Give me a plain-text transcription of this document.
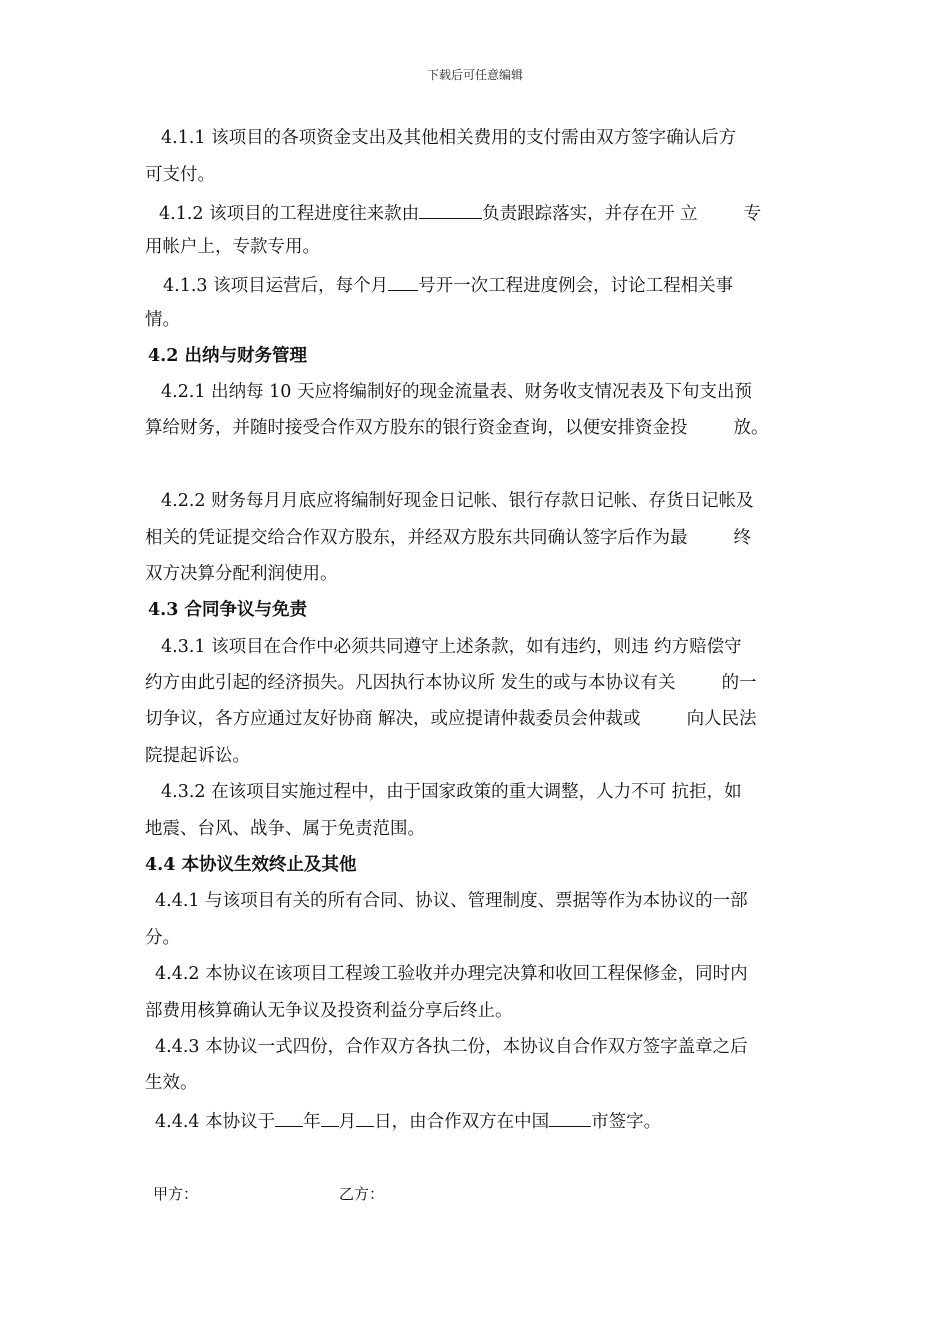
下载后可任意编辑
4.1.1 该项目的各项资金支出及其他相关费用的支付需由双方签字确认后方
可支付。
4.1.2 该项目的工程进度往来款由	负责跟踪落实，并存在开 立	专
用帐户上，专款专用。
4.1.3 该项目运营后，每个月 号开一次工程进度例会，讨论工程相关事
情。
4.2 出纳与财务管理
4.2.1 出纳每 10 天应将编制好的现金流量表、财务收支情况表及下旬支出预
算给财务，并随时接受合作双方股东的银行资金查询，以便安排资金投	放。
4.2.2 财务每月月底应将编制好现金日记帐、银行存款日记帐、存货日记帐及
相关的凭证提交给合作双方股东，并经双方股东共同确认签字后作为最	终
双方决算分配利润使用。
4.3 合同争议与免责
4.3.1 该项目在合作中必须共同遵守上述条款，如有违约，则违 约方赔偿守
约方由此引起的经济损失。凡因执行本协议所 发生的或与本协议有关	的一
切争议，各方应通过友好协商 解决，或应提请仲裁委员会仲裁或	向人民法
院提起诉讼。
4.3.2 在该项目实施过程中，由于国家政策的重大调整，人力不可 抗拒，如
地震、台风、战争、属于免责范围。
4.4 本协议生效终止及其他
4.4.1 与该项目有关的所有合同、协议、管理制度、票据等作为本协议的一部
分。
4.4.2 本协议在该项目工程竣工验收并办理完决算和收回工程保修金，同时内
部费用核算确认无争议及投资利益分享后终止。
4.4.3 本协议一式四份，合作双方各执二份，本协议自合作双方签字盖章之后
生效。
4.4.4 本协议于 年 月 日，由合作双方在中国 市签字。
甲方：	乙方：
